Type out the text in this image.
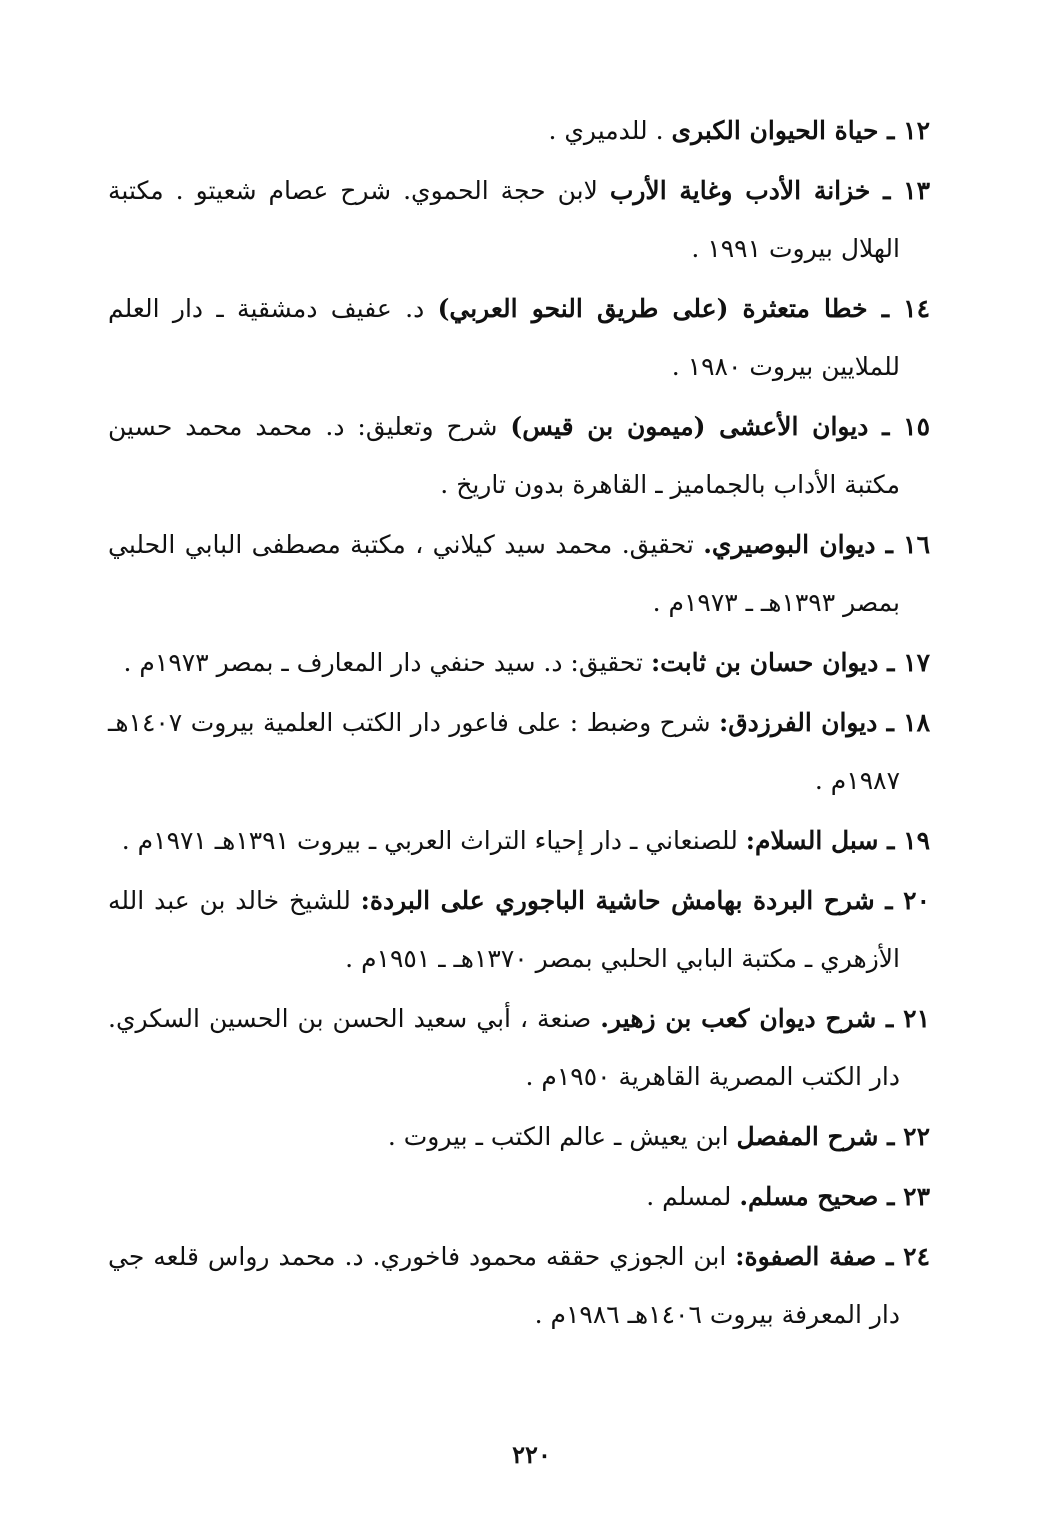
١٢ ـ حياة الحيوان الكبرى . للدميري .
١٣ ـ خزانة الأدب وغاية الأرب لابن حجة الحموي. شرح عصام شعيتو . مكتبة الهلال بيروت ١٩٩١ .
١٤ ـ خطا متعثرة (على طريق النحو العربي) د. عفيف دمشقية ـ دار العلم للملايين بيروت ١٩٨٠ .
١٥ ـ ديوان الأعشى (ميمون بن قيس) شرح وتعليق: د. محمد محمد حسين مكتبة الأداب بالجماميز ـ القاهرة بدون تاريخ .
١٦ ـ ديوان البوصيري. تحقيق. محمد سيد كيلاني ، مكتبة مصطفى البابي الحلبي بمصر ١٣٩٣هـ ـ ١٩٧٣م .
١٧ ـ ديوان حسان بن ثابت: تحقيق: د. سيد حنفي دار المعارف ـ بمصر ١٩٧٣م .
١٨ ـ ديوان الفرزدق: شرح وضبط : على فاعور دار الكتب العلمية بيروت ١٤٠٧هـ ١٩٨٧م .
١٩ ـ سبل السلام: للصنعاني ـ دار إحياء التراث العربي ـ بيروت ١٣٩١هـ ١٩٧١م .
٢٠ ـ شرح البردة بهامش حاشية الباجوري على البردة: للشيخ خالد بن عبد الله الأزهري ـ مكتبة البابي الحلبي بمصر ١٣٧٠هـ ـ ١٩٥١م .
٢١ ـ شرح ديوان كعب بن زهير. صنعة ، أبي سعيد الحسن بن الحسين السكري. دار الكتب المصرية القاهرية ١٩٥٠م .
٢٢ ـ شرح المفصل ابن يعيش ـ عالم الكتب ـ بيروت .
٢٣ ـ صحيح مسلم. لمسلم .
٢٤ ـ صفة الصفوة: ابن الجوزي حققه محمود فاخوري. د. محمد رواس قلعه جي دار المعرفة بيروت ١٤٠٦هـ ١٩٨٦م .
٢٢٠
